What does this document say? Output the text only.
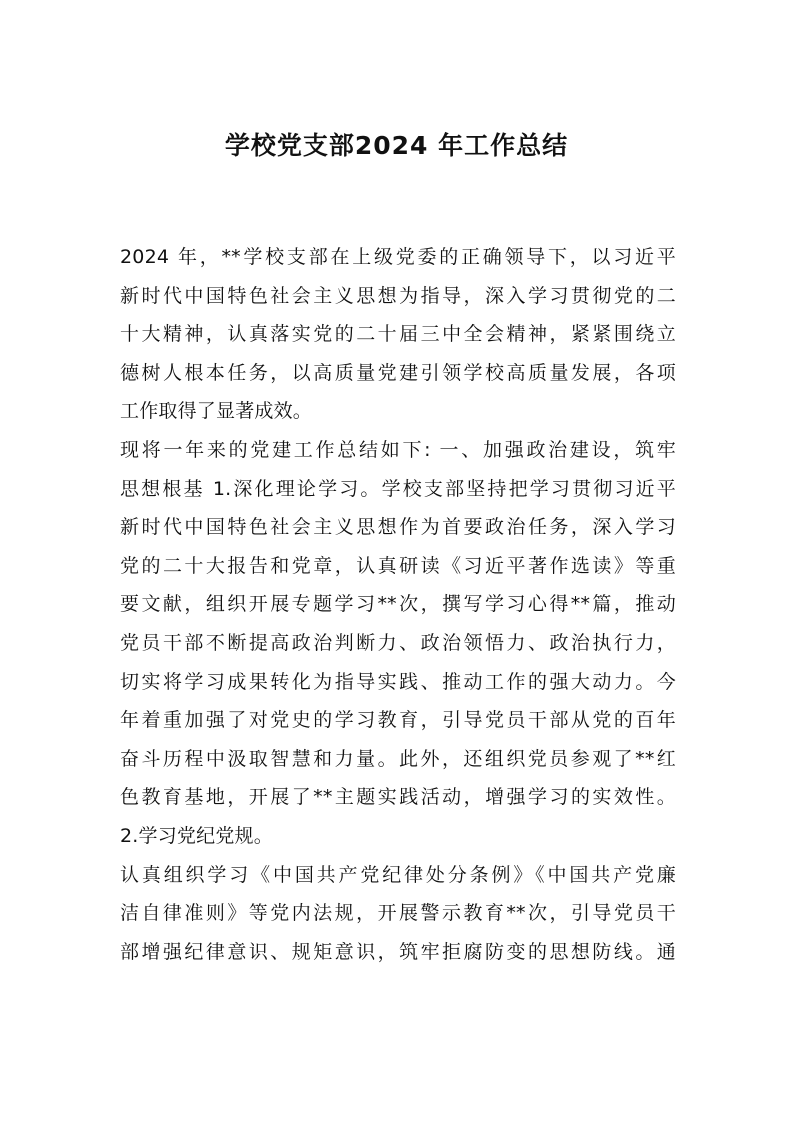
学校党支部2024 年工作总结
2024 年，**学校支部在上级党委的正确领导下，以习近平
新时代中国特色社会主义思想为指导，深入学习贯彻党的二
十大精神，认真落实党的二十届三中全会精神，紧紧围绕立
德树人根本任务，以高质量党建引领学校高质量发展，各项
工作取得了显著成效。
现将一年来的党建工作总结如下: 一、加强政治建设，筑牢
思想根基 1.深化理论学习。学校支部坚持把学习贯彻习近平
新时代中国特色社会主义思想作为首要政治任务，深入学习
党的二十大报告和党章，认真研读《习近平著作选读》等重
要文献，组织开展专题学习**次，撰写学习心得**篇，推动
党员干部不断提高政治判断力、政治领悟力、政治执行力，
切实将学习成果转化为指导实践、推动工作的强大动力。今
年着重加强了对党史的学习教育，引导党员干部从党的百年
奋斗历程中汲取智慧和力量。此外，还组织党员参观了**红
色教育基地，开展了**主题实践活动，增强学习的实效性。
2.学习党纪党规。
认真组织学习《中国共产党纪律处分条例》《中国共产党廉
洁自律准则》等党内法规，开展警示教育**次，引导党员干
部增强纪律意识、规矩意识，筑牢拒腐防变的思想防线。通
